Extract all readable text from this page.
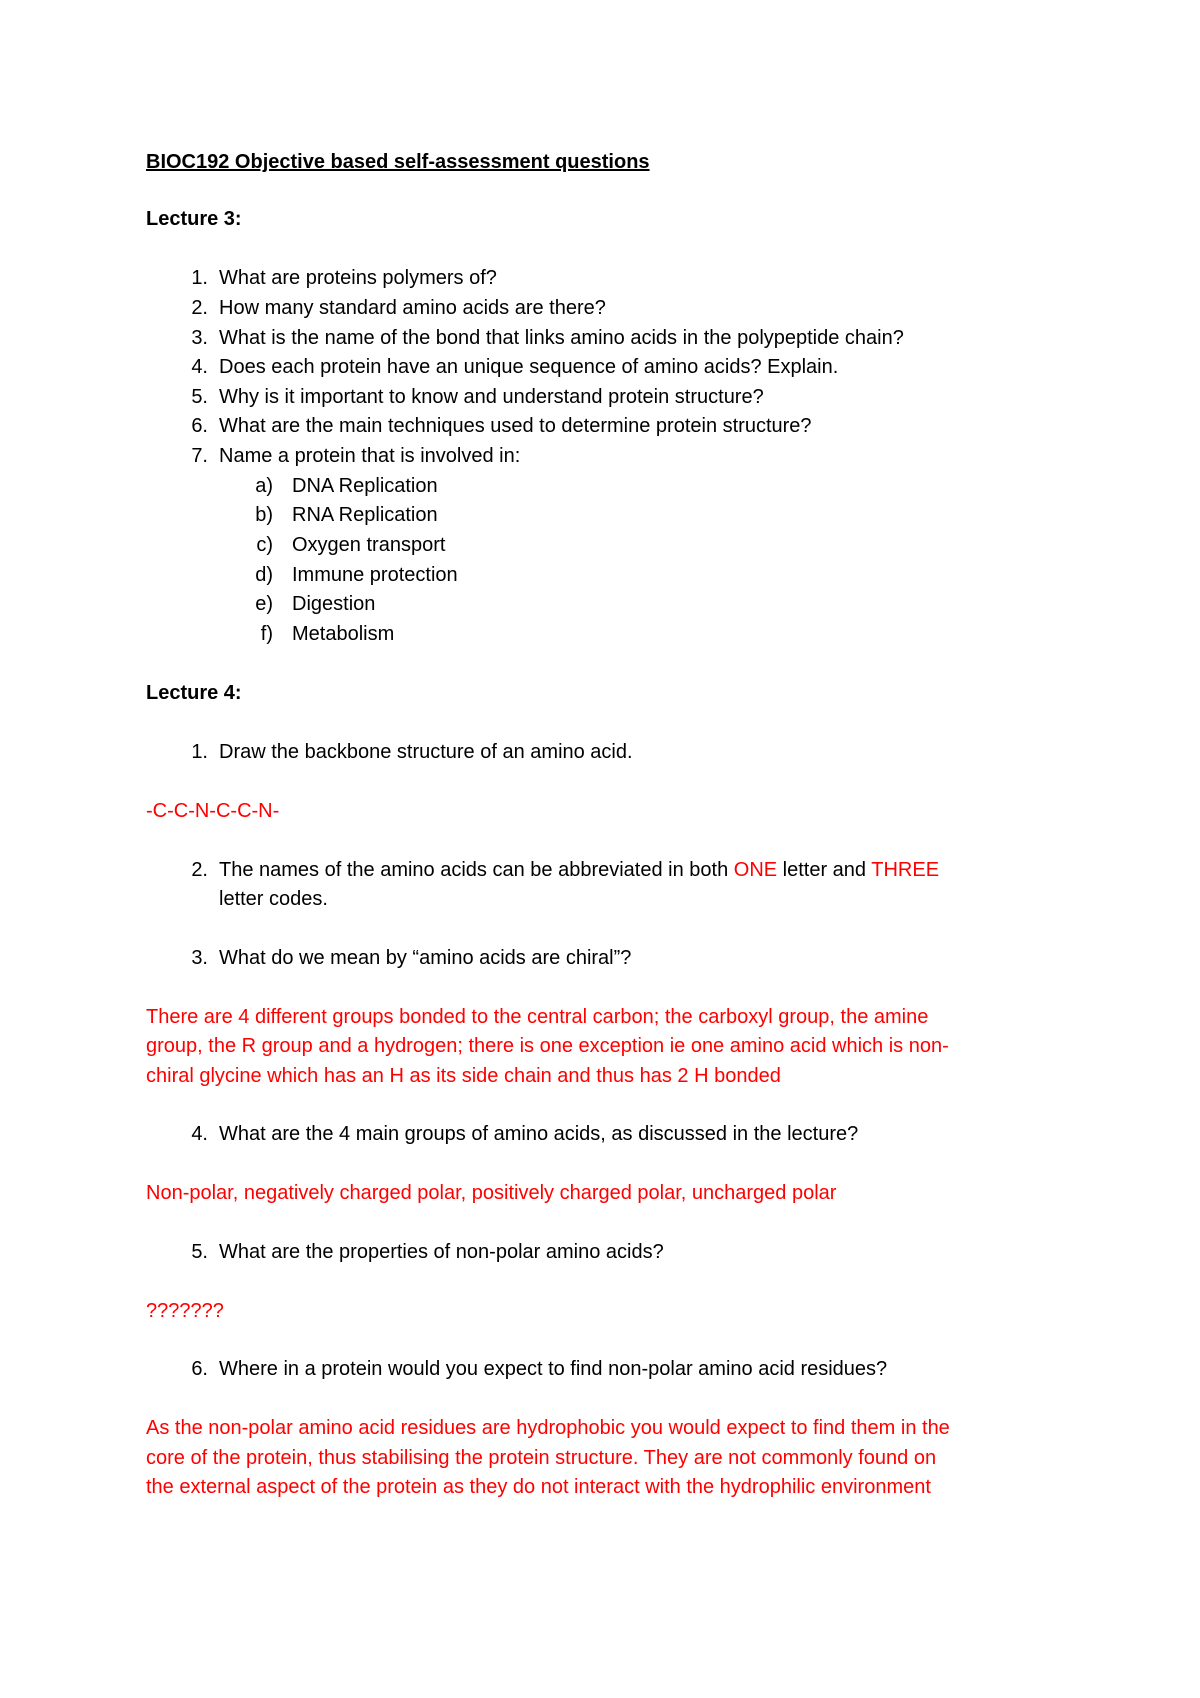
BIOC192 Objective based self-assessment questions
Lecture 3:
1. What are proteins polymers of?
2. How many standard amino acids are there?
3. What is the name of the bond that links amino acids in the polypeptide chain?
4. Does each protein have an unique sequence of amino acids? Explain.
5. Why is it important to know and understand protein structure?
6. What are the main techniques used to determine protein structure?
7. Name a protein that is involved in:
a) DNA Replication
b) RNA Replication
c) Oxygen transport
d) Immune protection
e) Digestion
f) Metabolism
Lecture 4:
1. Draw the backbone structure of an amino acid.
-C-C-N-C-C-N-
2. The names of the amino acids can be abbreviated in both ONE letter and THREE
letter codes.
3. What do we mean by “amino acids are chiral”?
There are 4 different groups bonded to the central carbon; the carboxyl group, the amine
group, the R group and a hydrogen; there is one exception ie one amino acid which is non-
chiral glycine which has an H as its side chain and thus has 2 H bonded
4. What are the 4 main groups of amino acids, as discussed in the lecture?
Non-polar, negatively charged polar, positively charged polar, uncharged polar
5. What are the properties of non-polar amino acids?
???????
6. Where in a protein would you expect to find non-polar amino acid residues?
As the non-polar amino acid residues are hydrophobic you would expect to find them in the
core of the protein, thus stabilising the protein structure. They are not commonly found on
the external aspect of the protein as they do not interact with the hydrophilic environment
